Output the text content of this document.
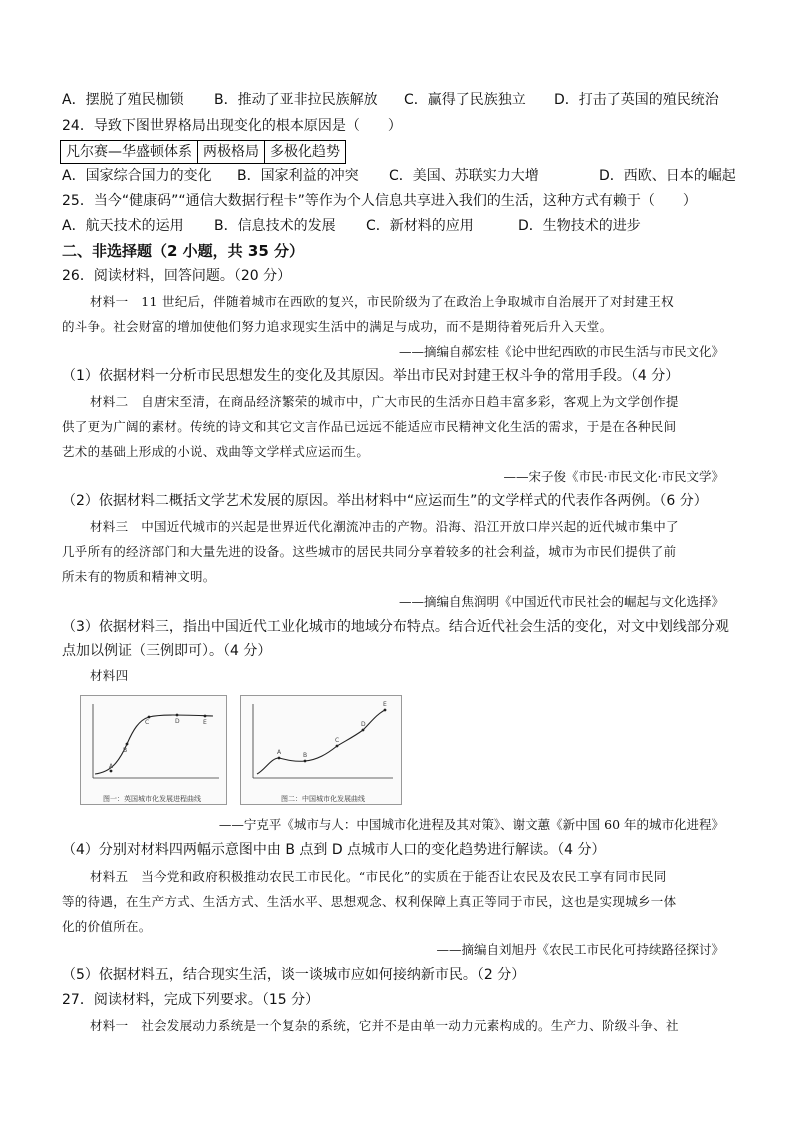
A．摆脱了殖民枷锁 B．推动了亚非拉民族解放 C．赢得了民族独立 D．打击了英国的殖民统治
24．导致下图世界格局出现变化的根本原因是（　　）
凡尔赛—华盛顿体系 两极格局 多极化趋势
A．国家综合国力的变化 B．国家利益的冲突 C．美国、苏联实力大增	D．西欧、日本的崛起
25．当今“健康码”“通信大数据行程卡”等作为个人信息共享进入我们的生活，这种方式有赖于（　　）
A．航天技术的运用 B．信息技术的发展 C．新材料的应用	D．生物技术的进步
二、非选择题（2 小题，共 35 分）
26．阅读材料，回答问题。（20 分）
材料一　11 世纪后，伴随着城市在西欧的复兴，市民阶级为了在政治上争取城市自治展开了对封建王权
的斗争。社会财富的增加使他们努力追求现实生活中的满足与成功，而不是期待着死后升入天堂。
——摘编自郝宏桂《论中世纪西欧的市民生活与市民文化》
（1）依据材料一分析市民思想发生的变化及其原因。举出市民对封建王权斗争的常用手段。（4 分）
材料二　自唐宋至清，在商品经济繁荣的城市中，广大市民的生活亦日趋丰富多彩，客观上为文学创作提
供了更为广阔的素材。传统的诗文和其它文言作品已远远不能适应市民精神文化生活的需求，于是在各种民间
艺术的基础上形成的小说、戏曲等文学样式应运而生。
——宋子俊《市民·市民文化·市民文学》
（2）依据材料二概括文学艺术发展的原因。举出材料中“应运而生”的文学样式的代表作各两例。（6 分）
材料三　中国近代城市的兴起是世界近代化潮流冲击的产物。沿海、沿江开放口岸兴起的近代城市集中了
几乎所有的经济部门和大量先进的设备。这些城市的居民共同分享着较多的社会利益，城市为市民们提供了前
所未有的物质和精神文明。
——摘编自焦润明《中国近代市民社会的崛起与文化选择》
（3）依据材料三，指出中国近代工业化城市的地域分布特点。结合近代社会生活的变化，对文中划线部分观
点加以例证（三例即可）。（4 分）
材料四
A
B
C	D	E
图一：英国城市化发展进程曲线
A	B
C
D
E
图二：中国城市化发展曲线
——宁克平《城市与人：中国城市化进程及其对策》、谢文蕙《新中国 60 年的城市化进程》
（4）分别对材料四两幅示意图中由 B 点到 D 点城市人口的变化趋势进行解读。（4 分）
材料五　当今党和政府积极推动农民工市民化。“市民化”的实质在于能否让农民及农民工享有同市民同
等的待遇，在生产方式、生活方式、生活水平、思想观念、权利保障上真正等同于市民，这也是实现城乡一体
化的价值所在。
——摘编自刘旭丹《农民工市民化可持续路径探讨》
（5）依据材料五，结合现实生活，谈一谈城市应如何接纳新市民。（2 分）
27．阅读材料，完成下列要求。（15 分）
材料一　社会发展动力系统是一个复杂的系统，它并不是由单一动力元素构成的。生产力、阶级斗争、社
